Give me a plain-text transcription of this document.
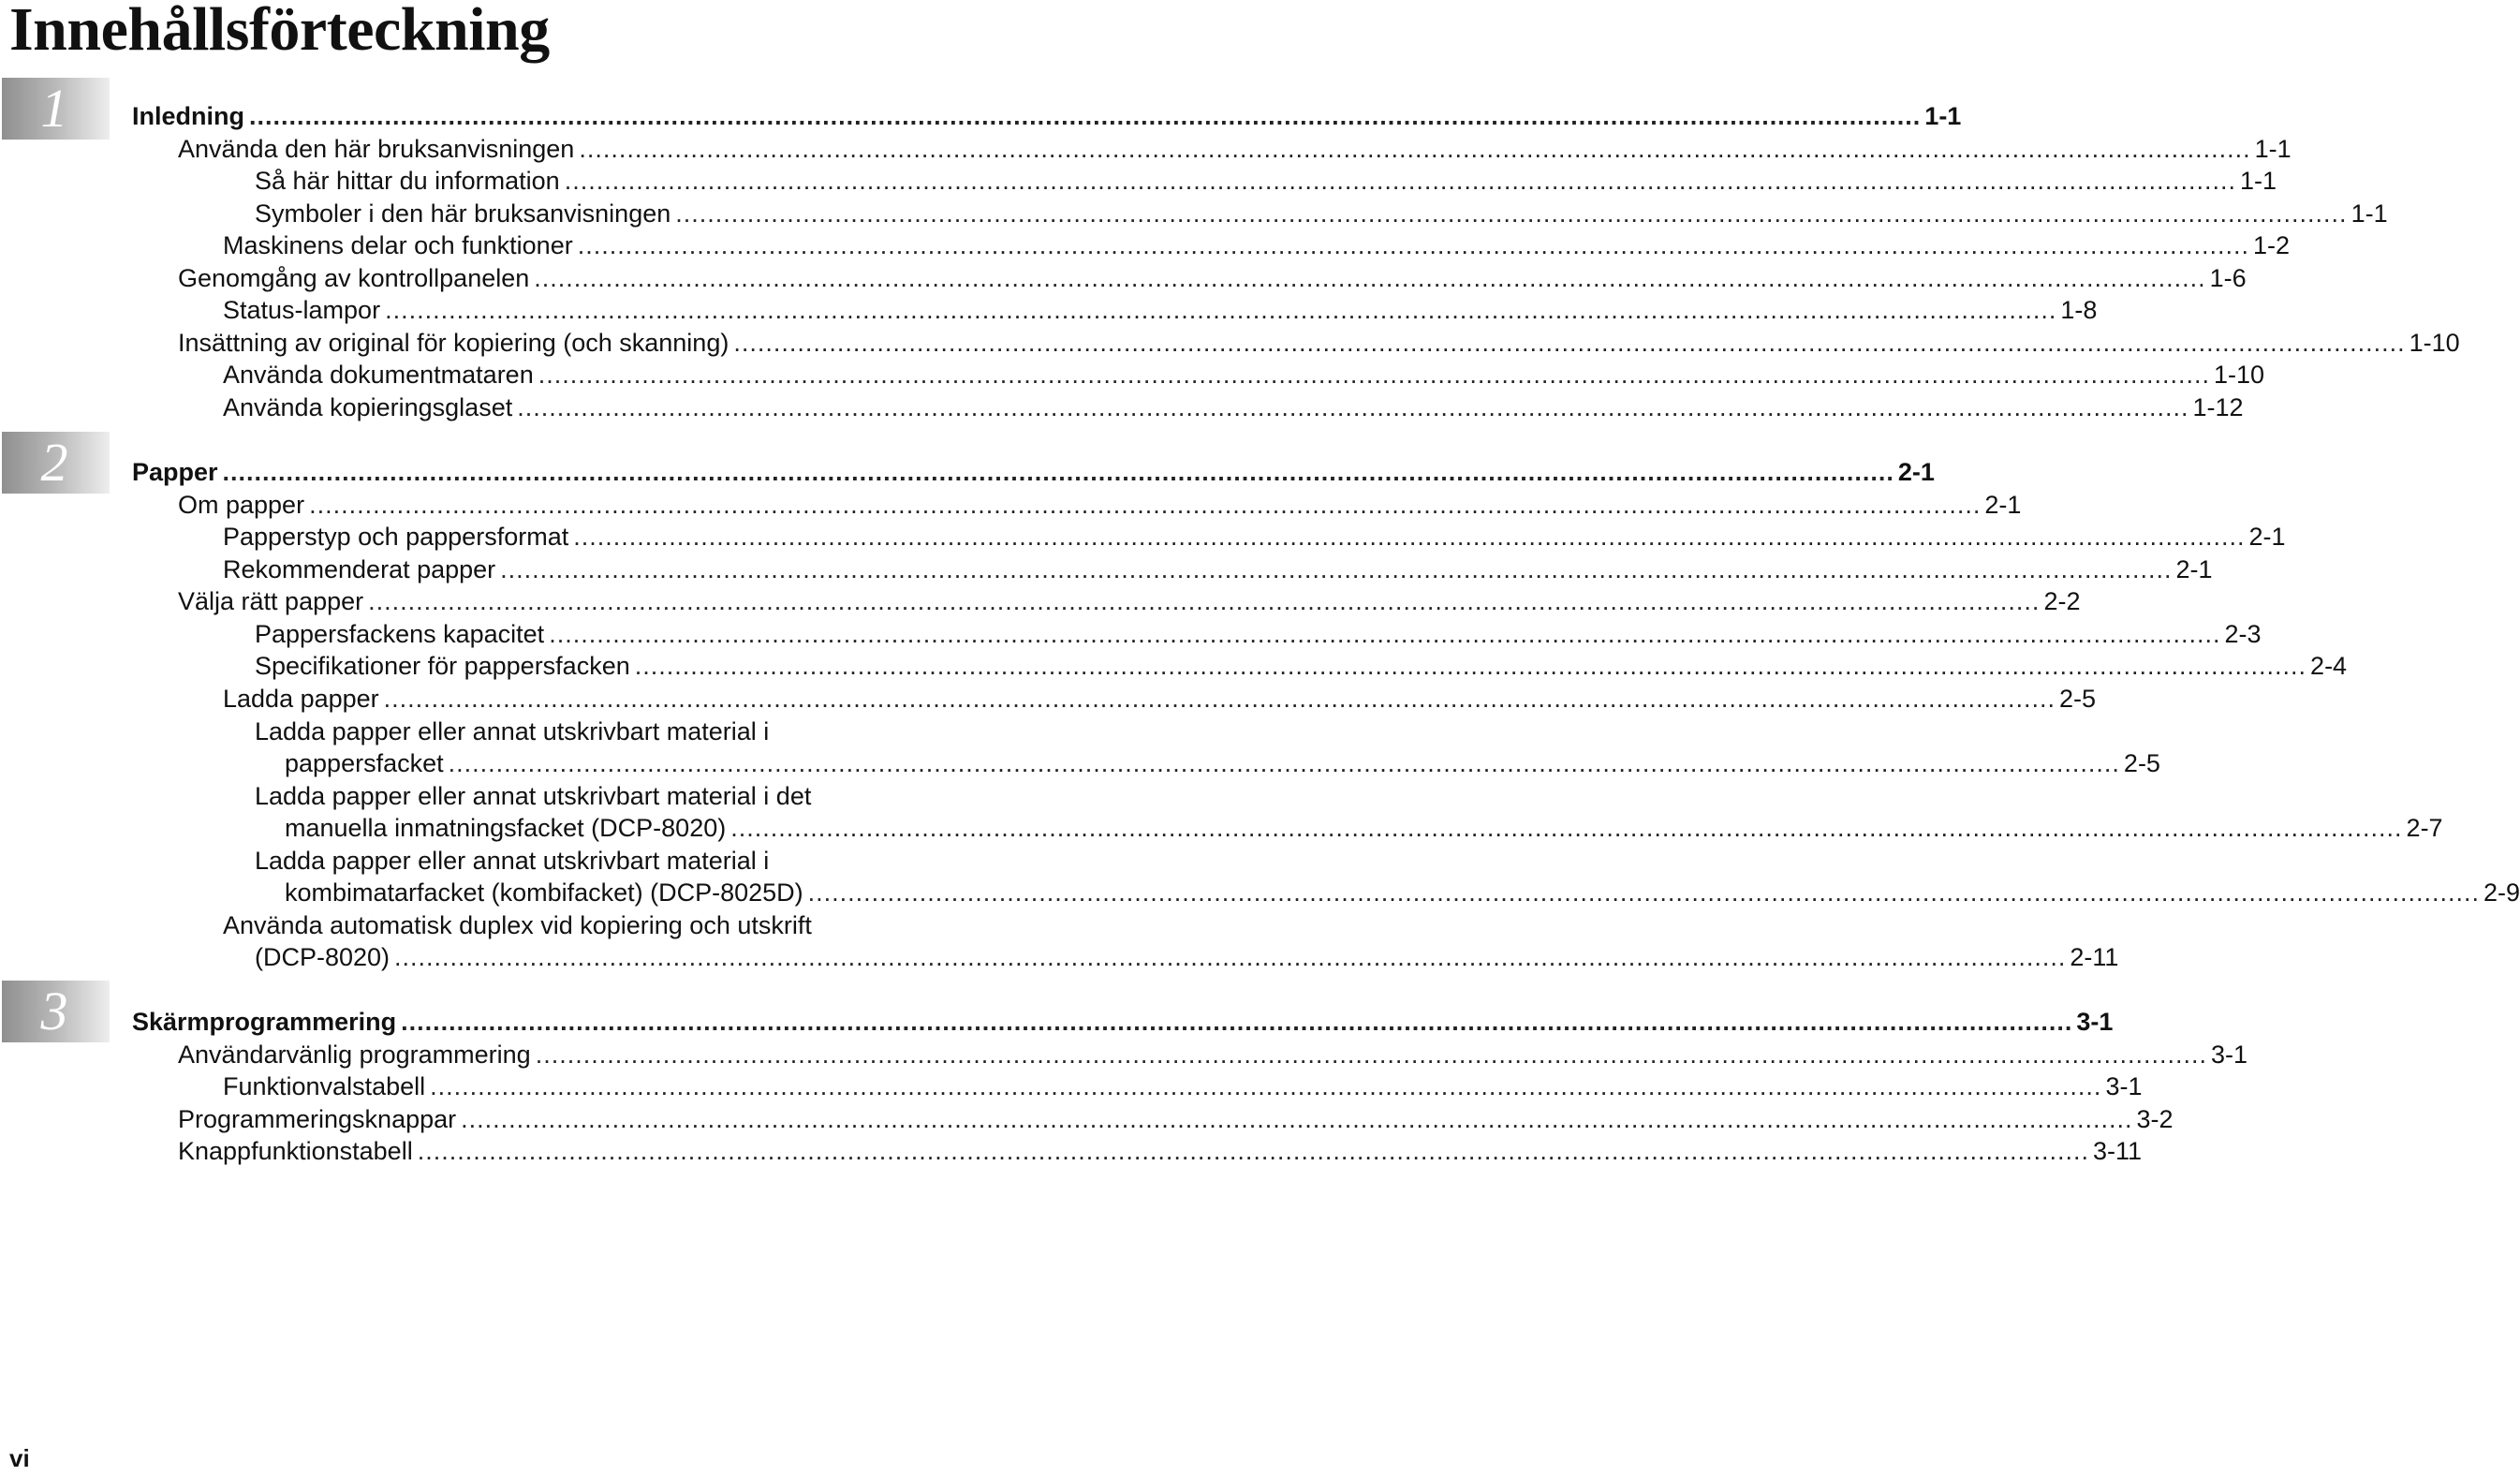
Innehållsförteckning
1	Inledning .................................................................................................................................................................................................................. 1-1
Använda den här bruksanvisningen .................................................................................................................................................................................................................. 1-1
Så här hittar du information .................................................................................................................................................................................................................. 1-1
Symboler i den här bruksanvisningen .................................................................................................................................................................................................................. 1-1
Maskinens delar och funktioner .................................................................................................................................................................................................................. 1-2
Genomgång av kontrollpanelen .................................................................................................................................................................................................................. 1-6
Status-lampor .................................................................................................................................................................................................................. 1-8
Insättning av original för kopiering (och skanning) .................................................................................................................................................................................................................. 1-10
Använda dokumentmataren .................................................................................................................................................................................................................. 1-10
Använda kopieringsglaset .................................................................................................................................................................................................................. 1-12
2	Papper .................................................................................................................................................................................................................. 2-1
Om papper .................................................................................................................................................................................................................. 2-1
Papperstyp och pappersformat .................................................................................................................................................................................................................. 2-1
Rekommenderat papper .................................................................................................................................................................................................................. 2-1
Välja rätt papper .................................................................................................................................................................................................................. 2-2
Pappersfackens kapacitet .................................................................................................................................................................................................................. 2-3
Specifikationer för pappersfacken .................................................................................................................................................................................................................. 2-4
Ladda papper .................................................................................................................................................................................................................. 2-5
Ladda papper eller annat utskrivbart material i
pappersfacket .................................................................................................................................................................................................................. 2-5
Ladda papper eller annat utskrivbart material i det
manuella inmatningsfacket (DCP-8020) .................................................................................................................................................................................................................. 2-7
Ladda papper eller annat utskrivbart material i
kombimatarfacket (kombifacket) (DCP-8025D) .................................................................................................................................................................................................................. 2-9
Använda automatisk duplex vid kopiering och utskrift
(DCP-8020) .................................................................................................................................................................................................................. 2-11
3	Skärmprogrammering .................................................................................................................................................................................................................. 3-1
Användarvänlig programmering .................................................................................................................................................................................................................. 3-1
Funktionvalstabell .................................................................................................................................................................................................................. 3-1
Programmeringsknappar .................................................................................................................................................................................................................. 3-2
Knappfunktionstabell .................................................................................................................................................................................................................. 3-11
vi
